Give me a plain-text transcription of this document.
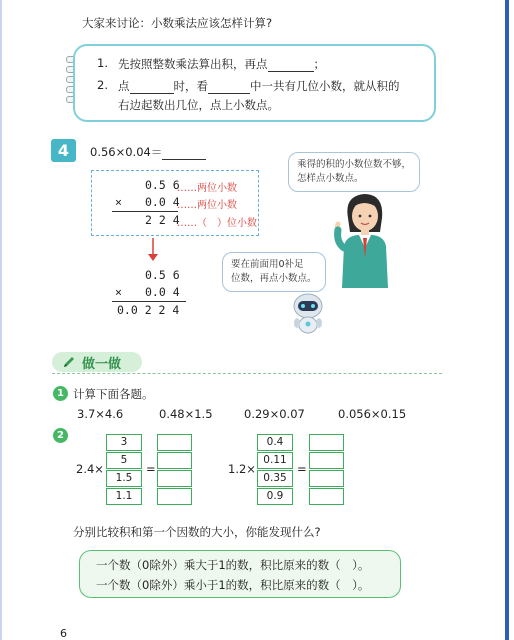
大家来讨论：小数乘法应该怎样计算?
1. 先按照整数乘法算出积，再点	；
2. 点	时，看	中一共有几位小数，就从积的
右边起数出几位，点上小数点。
4	0.56×0.04＝
0.5 6
……两位小数
× 0.0 4
……两位小数
2 2 4
……（　）位小数
0.5 6
× 0.0 4
0.0 2 2 4
乘得的积的小数位数不够，
怎样点小数点。
要在前面用0补足
位数，再点小数点。
做一做
1 计算下面各题。
3.7×4.6	0.48×1.5	0.29×0.07	0.056×0.15
2
2.4×
3
5
1.5
1.1
=	1.2×
0.4
0.11
0.35
0.9
=
分别比较积和第一个因数的大小，你能发现什么?
一个数（0除外）乘大于1的数，积比原来的数（　）。
一个数（0除外）乘小于1的数，积比原来的数（　）。
6
